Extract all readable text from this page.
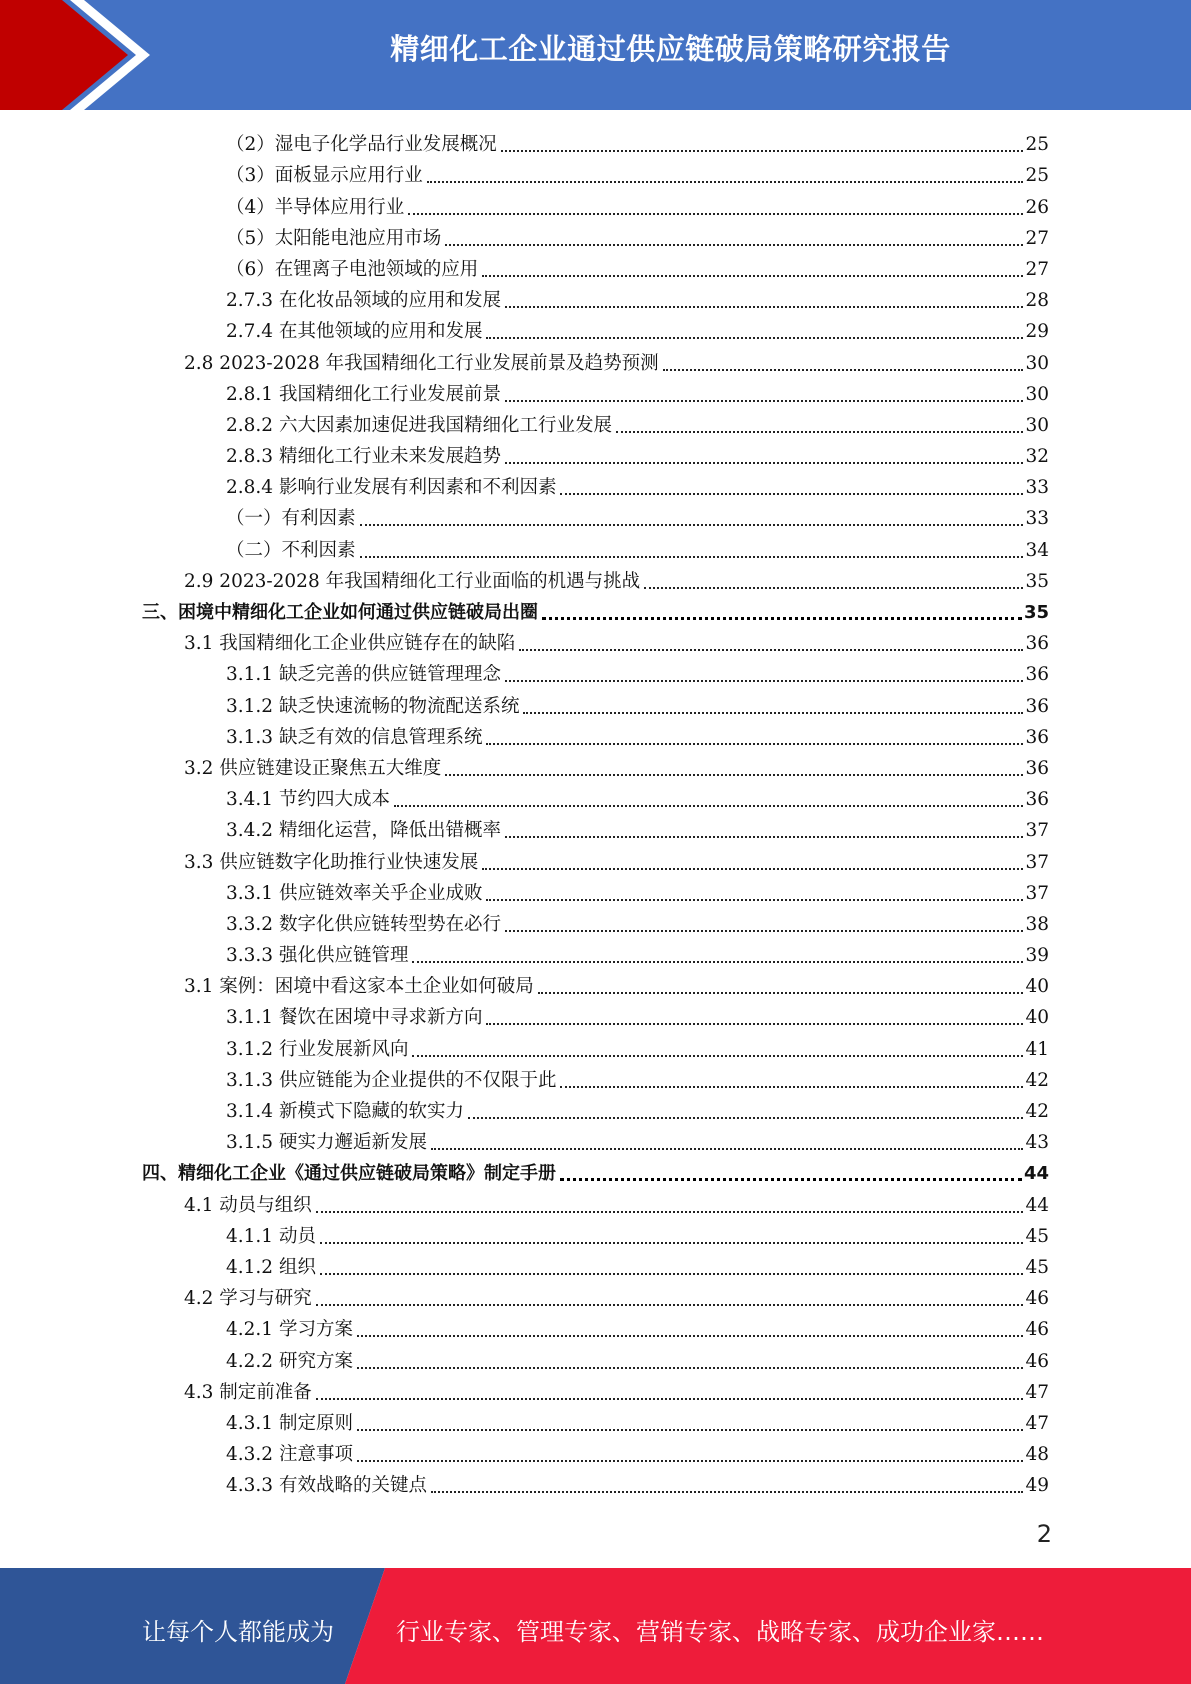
精细化工企业通过供应链破局策略研究报告
（2）湿电子化学品行业发展概况	25
（3）面板显示应用行业	25
（4）半导体应用行业	26
（5）太阳能电池应用市场	27
（6）在锂离子电池领域的应用	27
2.7.3 在化妆品领域的应用和发展	28
2.7.4 在其他领域的应用和发展	29
2.8 2023-2028 年我国精细化工行业发展前景及趋势预测	30
2.8.1 我国精细化工行业发展前景	30
2.8.2 六大因素加速促进我国精细化工行业发展	30
2.8.3 精细化工行业未来发展趋势	32
2.8.4 影响行业发展有利因素和不利因素	33
（一）有利因素	33
（二）不利因素	34
2.9 2023-2028 年我国精细化工行业面临的机遇与挑战	35
三、困境中精细化工企业如何通过供应链破局出圈	35
3.1 我国精细化工企业供应链存在的缺陷	36
3.1.1 缺乏完善的供应链管理理念	36
3.1.2 缺乏快速流畅的物流配送系统	36
3.1.3 缺乏有效的信息管理系统	36
3.2 供应链建设正聚焦五大维度	36
3.4.1 节约四大成本	36
3.4.2 精细化运营，降低出错概率	37
3.3 供应链数字化助推行业快速发展	37
3.3.1 供应链效率关乎企业成败	37
3.3.2 数字化供应链转型势在必行	38
3.3.3 强化供应链管理	39
3.1 案例：困境中看这家本土企业如何破局	40
3.1.1 餐饮在困境中寻求新方向	40
3.1.2 行业发展新风向	41
3.1.3 供应链能为企业提供的不仅限于此	42
3.1.4 新模式下隐藏的软实力	42
3.1.5 硬实力邂逅新发展	43
四、精细化工企业《通过供应链破局策略》制定手册	44
4.1 动员与组织	44
4.1.1 动员	45
4.1.2 组织	45
4.2 学习与研究	46
4.2.1 学习方案	46
4.2.2 研究方案	46
4.3 制定前准备	47
4.3.1 制定原则	47
4.3.2 注意事项	48
4.3.3 有效战略的关键点	49
2
让每个人都能成为	行业专家、管理专家、营销专家、战略专家、成功企业家……
